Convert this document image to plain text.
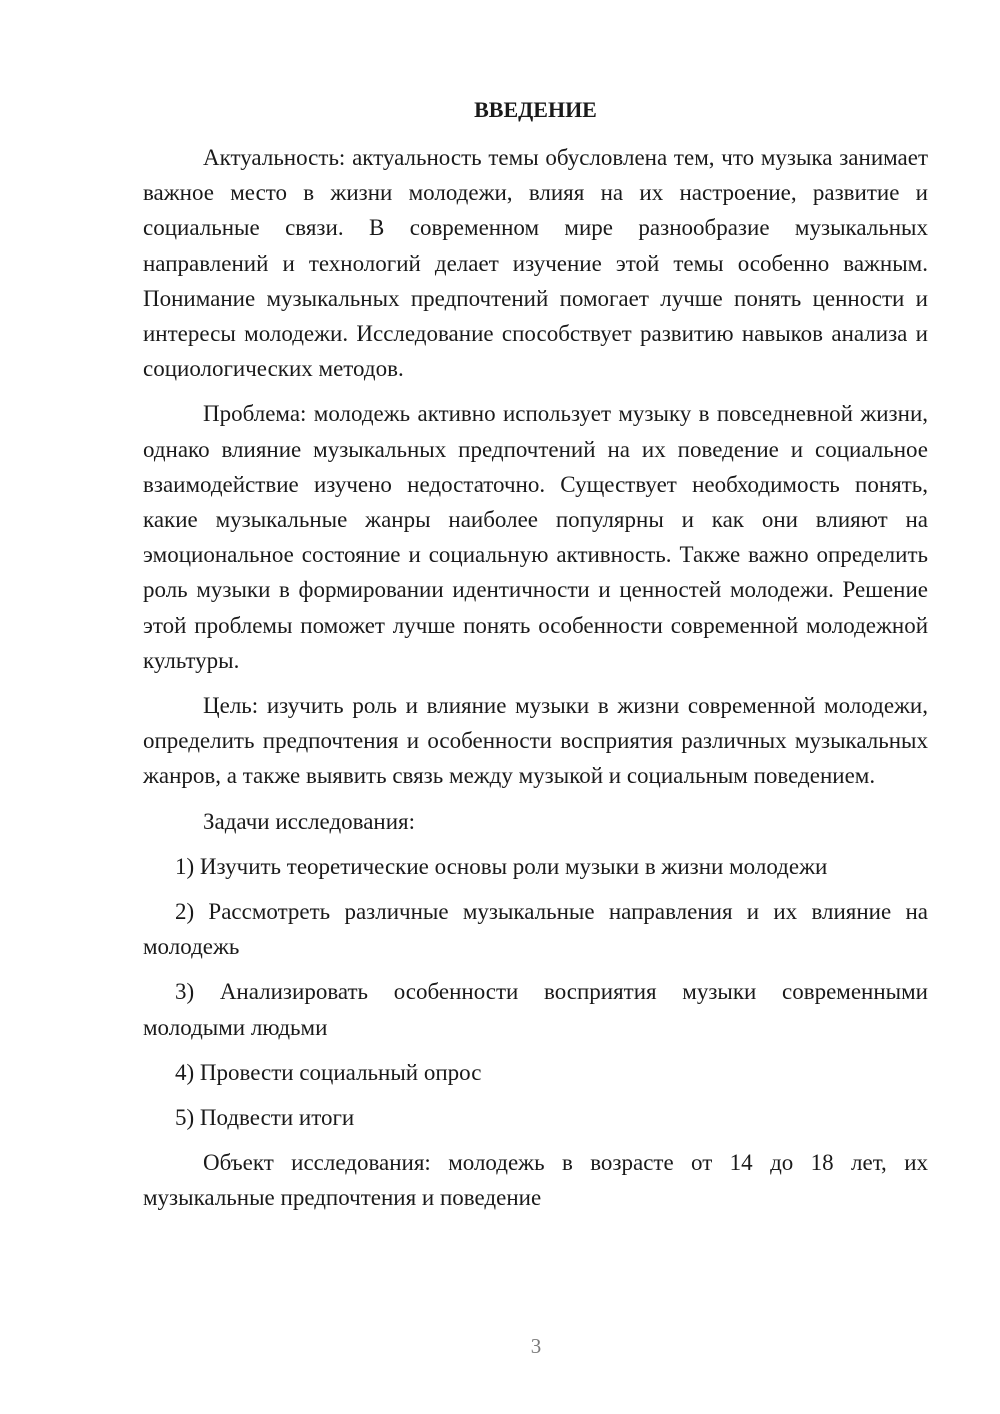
ВВЕДЕНИЕ

Актуальность: актуальность темы обусловлена тем, что музыка занимает важное место в жизни молодежи, влияя на их настроение, развитие и социальные связи. В современном мире разнообразие музыкальных направлений и технологий делает изучение этой темы особенно важным. Понимание музыкальных предпочтений помогает лучше понять ценности и интересы молодежи. Исследование способствует развитию навыков анализа и социологических методов.

Проблема: молодежь активно использует музыку в повседневной жизни, однако влияние музыкальных предпочтений на их поведение и социальное взаимодействие изучено недостаточно. Существует необходимость понять, какие музыкальные жанры наиболее популярны и как они влияют на эмоциональное состояние и социальную активность. Также важно определить роль музыки в формировании идентичности и ценностей молодежи. Решение этой проблемы поможет лучше понять особенности современной молодежной культуры.

Цель: изучить роль и влияние музыки в жизни современной молодежи, определить предпочтения и особенности восприятия различных музыкальных жанров, а также выявить связь между музыкой и социальным поведением.

Задачи исследования:

1) Изучить теоретические основы роли музыки в жизни молодежи

2) Рассмотреть различные музыкальные направления и их влияние на молодежь

3) Анализировать особенности восприятия музыки современными молодыми людьми

4) Провести социальный опрос

5) Подвести итоги

Объект исследования: молодежь в возрасте от 14 до 18 лет, их музыкальные предпочтения и поведение

3
